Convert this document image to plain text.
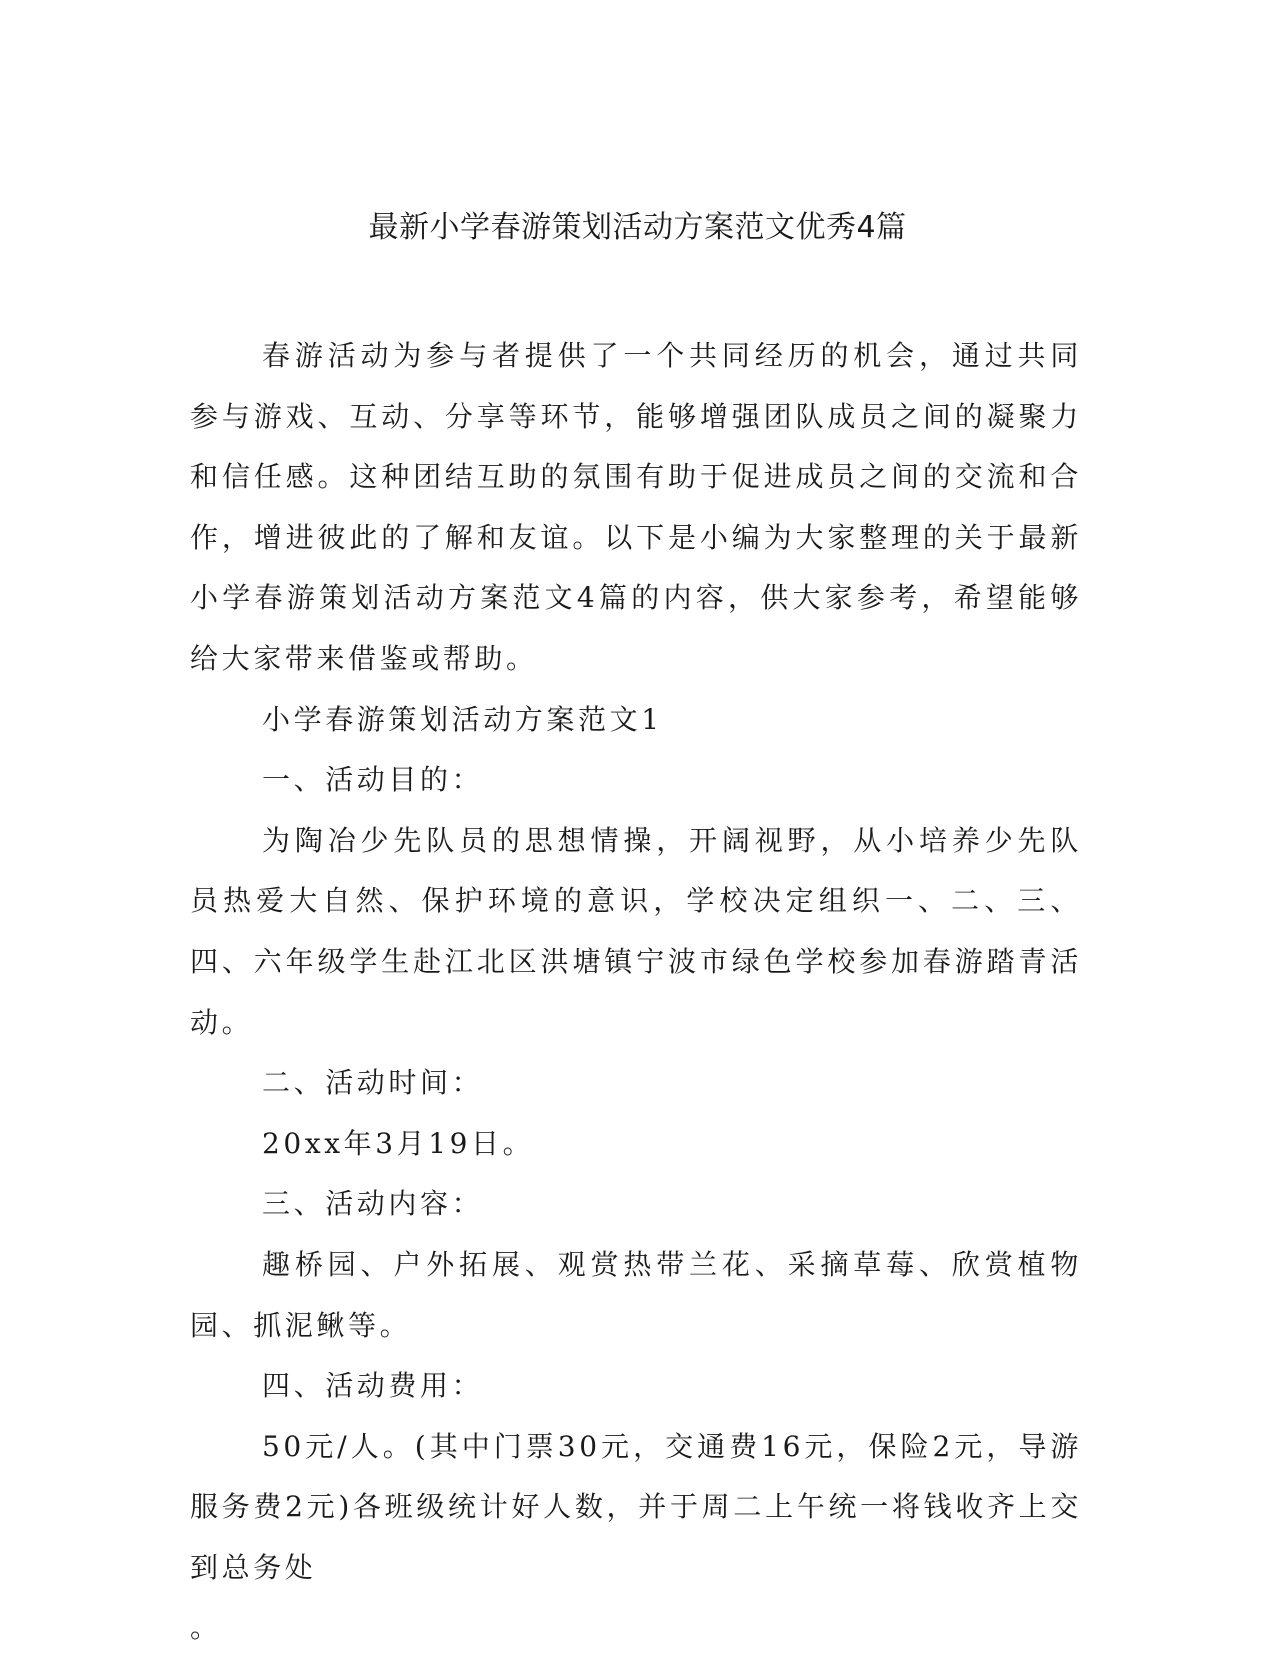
最新小学春游策划活动方案范文优秀4篇

春游活动为参与者提供了一个共同经历的机会，通过共同参与游戏、互动、分享等环节，能够增强团队成员之间的凝聚力和信任感。这种团结互助的氛围有助于促进成员之间的交流和合作，增进彼此的了解和友谊。以下是小编为大家整理的关于最新小学春游策划活动方案范文4篇的内容，供大家参考，希望能够给大家带来借鉴或帮助。

小学春游策划活动方案范文1

一、活动目的：

为陶冶少先队员的思想情操，开阔视野，从小培养少先队员热爱大自然、保护环境的意识，学校决定组织一、二、三、四、六年级学生赴江北区洪塘镇宁波市绿色学校参加春游踏青活动。

二、活动时间：

20xx年3月19日。

三、活动内容：

趣桥园、户外拓展、观赏热带兰花、采摘草莓、欣赏植物园、抓泥鳅等。

四、活动费用：

50元/人。(其中门票30元，交通费16元，保险2元，导游服务费2元)各班级统计好人数，并于周二上午统一将钱收齐上交到总务处

。
